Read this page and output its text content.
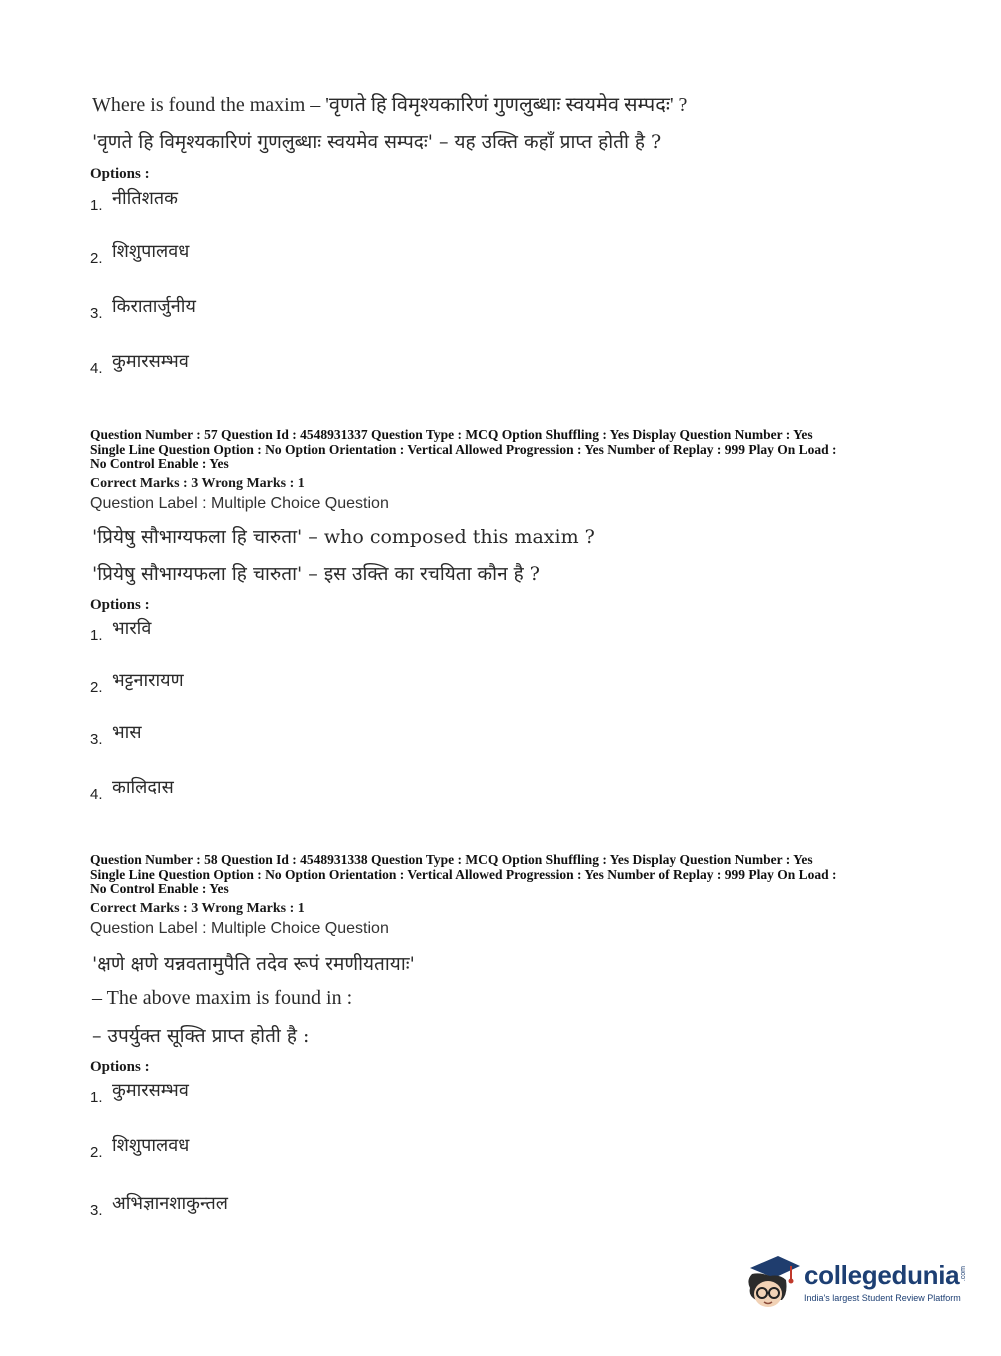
Where is found the maxim – 'वृणते हि विमृश्यकारिणं गुणलुब्धाः स्वयमेव सम्पदः' ?
'वृणते हि विमृश्यकारिणं गुणलुब्धाः स्वयमेव सम्पदः' – यह उक्ति कहाँ प्राप्त होती है ?
Options :
1. नीतिशतक
2. शिशुपालवध
3. किरातार्जुनीय
4. कुमारसम्भव
Question Number : 57 Question Id : 4548931337 Question Type : MCQ Option Shuffling : Yes Display Question Number : Yes
Single Line Question Option : No Option Orientation : Vertical Allowed Progression : Yes Number of Replay : 999 Play On Load :
No Control Enable : Yes
Correct Marks : 3 Wrong Marks : 1
Question Label : Multiple Choice Question
'प्रियेषु सौभाग्यफला हि चारुता' – who composed this maxim ?
'प्रियेषु सौभाग्यफला हि चारुता' – इस उक्ति का रचयिता कौन है ?
Options :
1. भारवि
2. भट्टनारायण
3. भास
4. कालिदास
Question Number : 58 Question Id : 4548931338 Question Type : MCQ Option Shuffling : Yes Display Question Number : Yes
Single Line Question Option : No Option Orientation : Vertical Allowed Progression : Yes Number of Replay : 999 Play On Load :
No Control Enable : Yes
Correct Marks : 3 Wrong Marks : 1
Question Label : Multiple Choice Question
'क्षणे क्षणे यन्नवतामुपैति तदेव रूपं रमणीयतायाः'
– The above maxim is found in :
– उपर्युक्त सूक्ति प्राप्त होती है :
Options :
1. कुमारसम्भव
2. शिशुपालवध
3. अभिज्ञानशाकुन्तल
collegedunia .com
India's largest Student Review Platform
